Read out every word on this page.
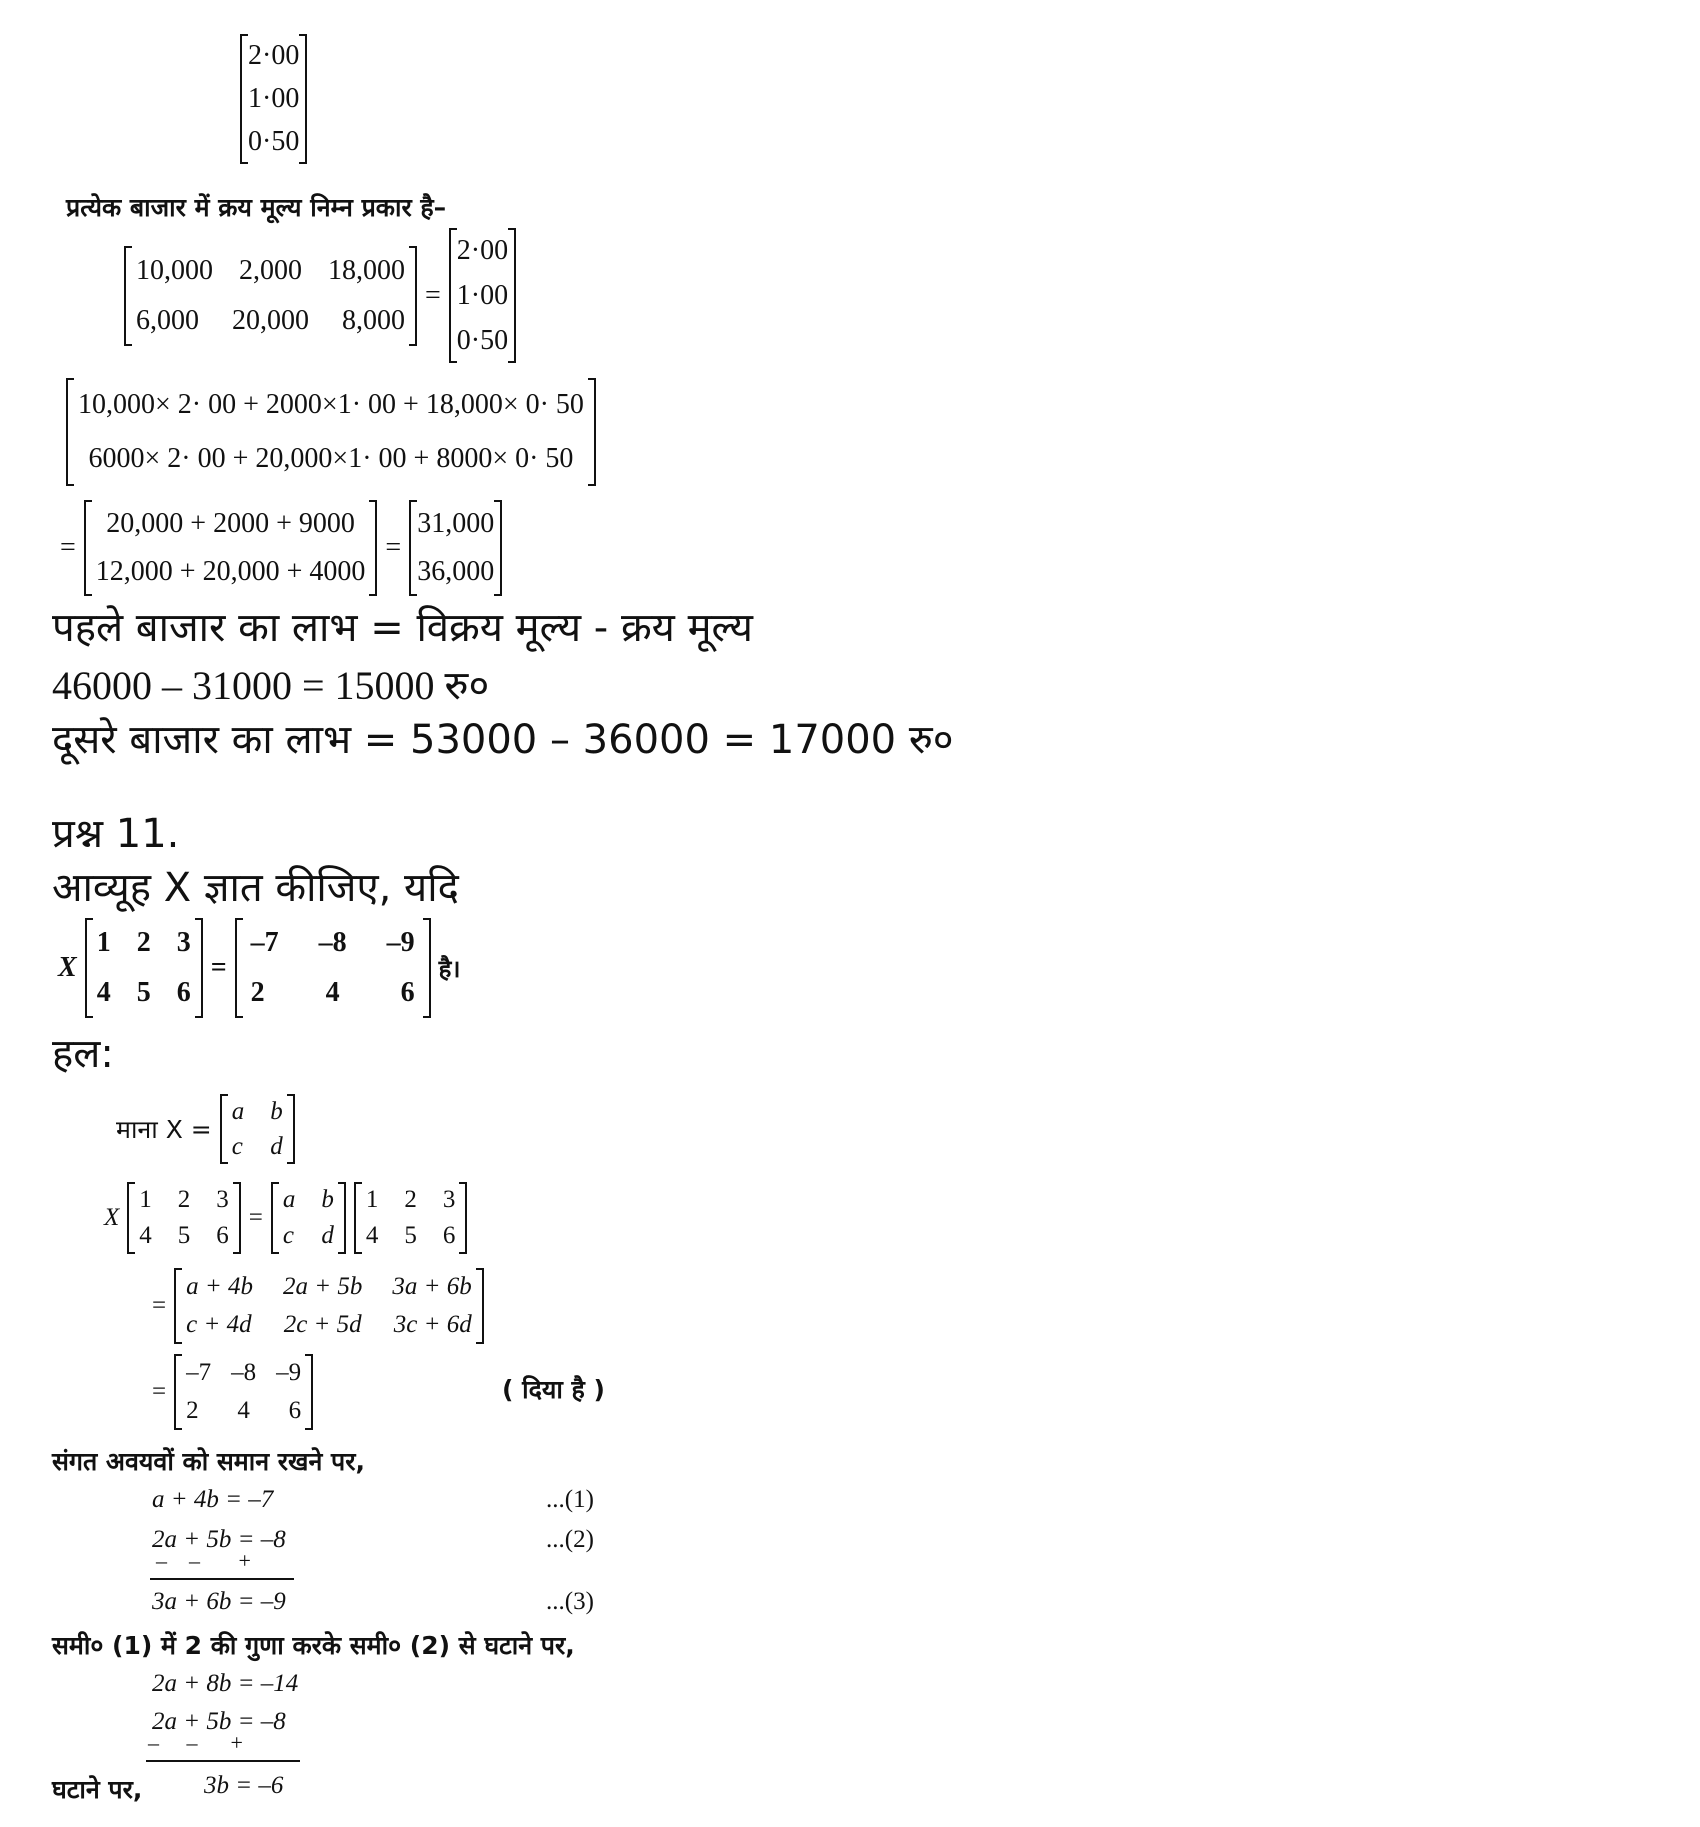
2·00
1·00
0·50
प्रत्येक बाजार में क्रय मूल्य निम्न प्रकार है–
10,000 2,000 18,000
6,000 20,000 8,000
=
2·00
1·00
0·50
10,000× 2· 00 + 2000×1· 00 + 18,000× 0· 50
6000× 2· 00 + 20,000×1· 00 + 8000× 0· 50
=
20,000 + 2000 + 9000
12,000 + 20,000 + 4000
=
31,000
36,000
पहले बाजार का लाभ = विक्रय मूल्य - क्रय मूल्य
46000 – 31000 = 15000 रु०
दूसरे बाजार का लाभ = 53000 – 36000 = 17000 रु०
प्रश्न 11.
आव्यूह X ज्ञात कीजिए, यदि
X
1 2 3
4 5 6
=
–7 –8 –9
2 4 6
है।
हल:
माना X =
a b
c d
X
1 2 3
4 5 6
=
a b
c d
1 2 3
4 5 6
=
a + 4b 2a + 5b 3a + 6b
c + 4d 2c + 5d 3c + 6d
=
–7 –8 –9
2 4 6
( दिया है )
संगत अवयवों को समान रखने पर,
a + 4b = –7	...(1)
2a + 5b = –8	...(2)
–    –       +
3a + 6b = –9	...(3)
समी० (1) में 2 की गुणा करके समी० (2) से घटाने पर,
2a + 8b = –14
2a + 5b = –8
–     –      +
घटाने पर, 3b = –6
